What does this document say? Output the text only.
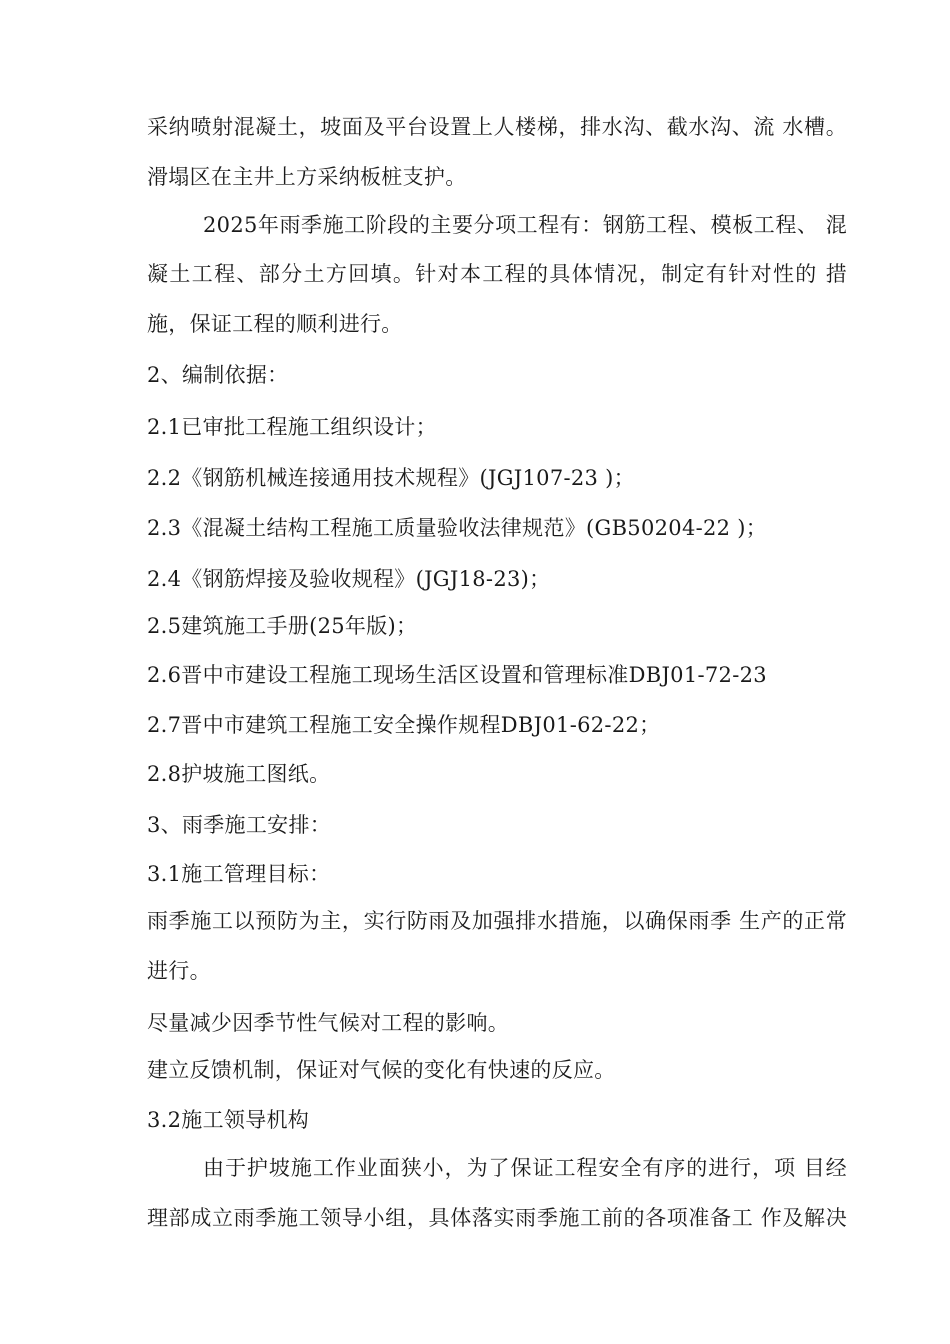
采纳喷射混凝土，坡面及平台设置上人楼梯，排水沟、截水沟、流 水槽。
滑塌区在主井上方采纳板桩支护。
2025年雨季施工阶段的主要分项工程有：钢筋工程、模板工程、 混
凝土工程、部分土方回填。针对本工程的具体情况，制定有针对性的 措
施，保证工程的顺利进行。
2、编制依据：
2.1已审批工程施工组织设计；
2.2《钢筋机械连接通用技术规程》(JGJ107-23 )；
2.3《混凝土结构工程施工质量验收法律规范》(GB50204-22 )；
2.4《钢筋焊接及验收规程》(JGJ18-23)；
2.5建筑施工手册(25年版)；
2.6晋中市建设工程施工现场生活区设置和管理标准DBJ01-72-23
2.7晋中市建筑工程施工安全操作规程DBJ01-62-22；
2.8护坡施工图纸。
3、雨季施工安排：
3.1施工管理目标：
雨季施工以预防为主，实行防雨及加强排水措施，以确保雨季 生产的正常
进行。
尽量减少因季节性气候对工程的影响。
建立反馈机制，保证对气候的变化有快速的反应。
3.2施工领导机构
由于护坡施工作业面狭小，为了保证工程安全有序的进行，项 目经
理部成立雨季施工领导小组，具体落实雨季施工前的各项准备工 作及解决
